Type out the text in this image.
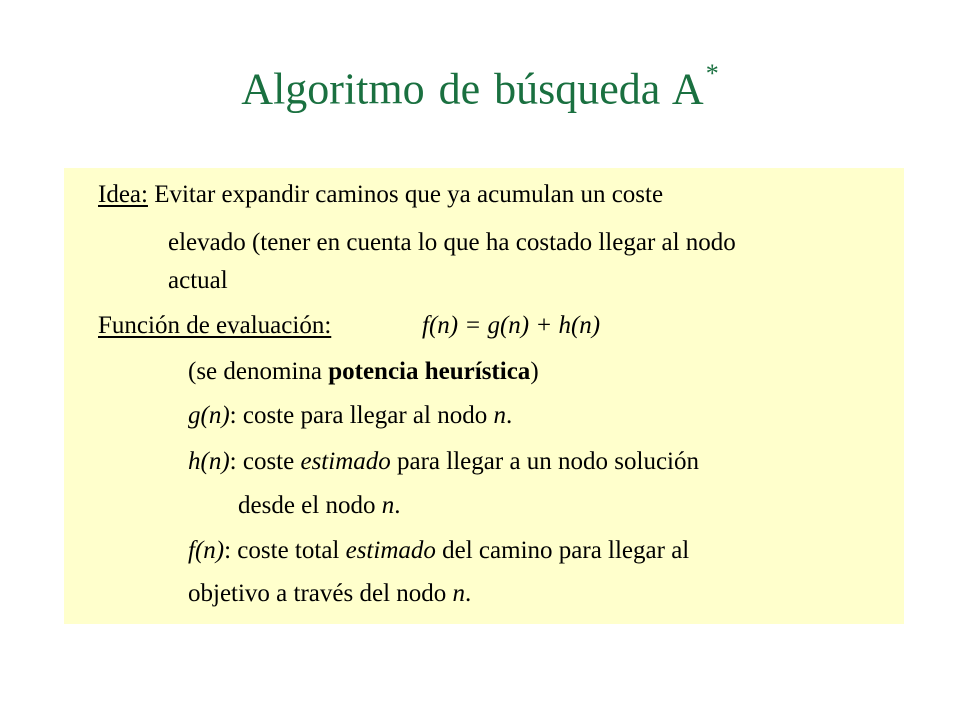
Algoritmo de búsqueda A*
Idea: Evitar expandir caminos que ya acumulan un coste
elevado (tener en cuenta lo que ha costado llegar al nodo
actual
Función de evaluación:	f(n) = g(n) + h(n)
(se denomina potencia heurística)
g(n): coste para llegar al nodo n.
h(n): coste estimado para llegar a un nodo solución
desde el nodo n.
f(n): coste total estimado del camino para llegar al
objetivo a través del nodo n.
